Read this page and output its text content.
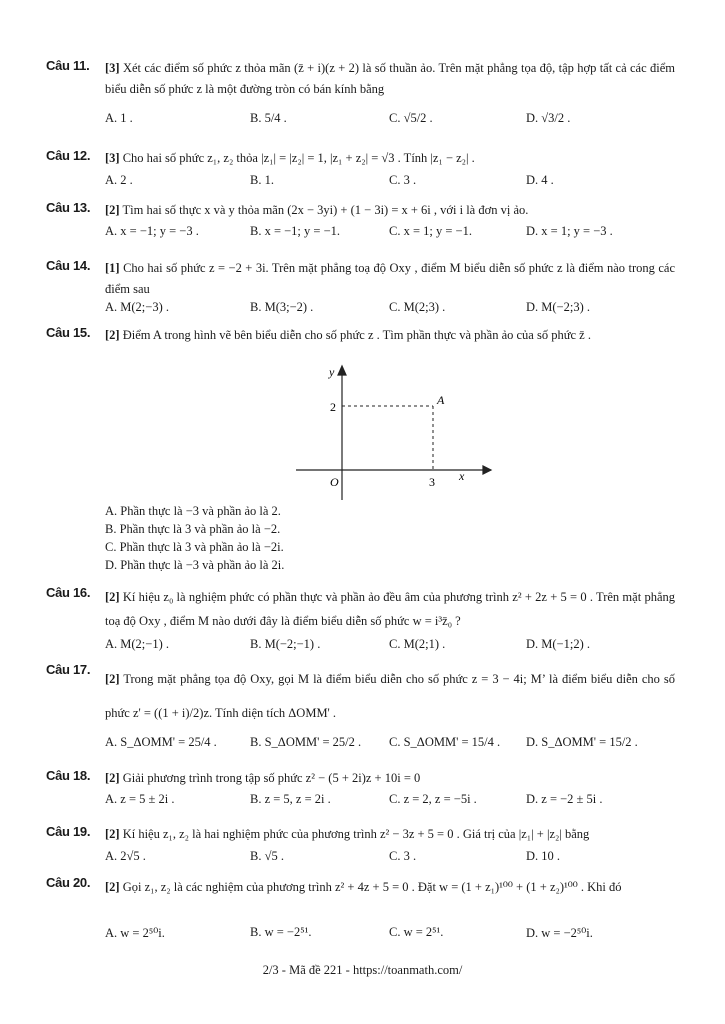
Câu 11. [3] Xét các điểm số phức z thỏa mãn (z̄ + i)(z + 2) là số thuần ảo. Trên mặt phẳng tọa độ, tập hợp tất cả các điểm biểu diễn số phức z là một đường tròn có bán kính bằng
A. 1 .	B. 5/4 .	C. √5/2 .	D. √3/2 .
Câu 12. [3] Cho hai số phức z₁, z₂ thỏa |z₁| = |z₂| = 1, |z₁ + z₂| = √3 . Tính |z₁ − z₂| .
A. 2 .	B. 1.	C. 3 .	D. 4 .
Câu 13. [2] Tìm hai số thực x và y thỏa mãn (2x − 3yi) + (1 − 3i) = x + 6i , với i là đơn vị ảo.
A. x = −1; y = −3 .	B. x = −1; y = −1.	C. x = 1; y = −1.	D. x = 1; y = −3 .
Câu 14. [1] Cho hai số phức z = −2 + 3i. Trên mặt phẳng toạ độ Oxy , điểm M biểu diễn số phức z là điểm nào trong các điểm sau
A. M(2;−3) .	B. M(3;−2) .	C. M(2;3) .	D. M(−2;3) .
Câu 15. [2] Điểm A trong hình vẽ bên biểu diễn cho số phức z . Tìm phần thực và phần ảo của số phức z̄ .
y
x
O
2
3
A
A. Phần thực là −3 và phần ảo là 2.
B. Phần thực là 3 và phần ảo là −2.
C. Phần thực là 3 và phần ảo là −2i.
D. Phần thực là −3 và phần ảo là 2i.
Câu 16. [2] Kí hiệu z₀ là nghiệm phức có phần thực và phần ảo đều âm của phương trình z² + 2z + 5 = 0 . Trên mặt phẳng toạ độ Oxy , điểm M nào dưới đây là điểm biểu diễn số phức w = i³z̄₀ ?
A. M(2;−1) .	B. M(−2;−1) .	C. M(2;1) .	D. M(−1;2) .
Câu 17.
[2] Trong mặt phẳng tọa độ Oxy, gọi M là điểm biểu diễn cho số phức z = 3 − 4i; M’ là điểm biểu diễn cho số phức z' = ((1 + i)/2)z. Tính diện tích ΔOMM' .
A. S_ΔOMM' = 25/4 .	B. S_ΔOMM' = 25/2 . C. S_ΔOMM' = 15/4 . D. S_ΔOMM' = 15/2 .
Câu 18. [2] Giải phương trình trong tập số phức z² − (5 + 2i)z + 10i = 0
A. z = 5 ± 2i .	B. z = 5, z = 2i .	C. z = 2, z = −5i .	D. z = −2 ± 5i .
Câu 19. [2] Kí hiệu z₁, z₂ là hai nghiệm phức của phương trình z² − 3z + 5 = 0 . Giá trị của |z₁| + |z₂| bằng
A. 2√5 .	B. √5 .	C. 3 .	D. 10 .
Câu 20. [2] Gọi z₁, z₂ là các nghiệm của phương trình z² + 4z + 5 = 0 . Đặt w = (1 + z₁)¹⁰⁰ + (1 + z₂)¹⁰⁰ . Khi đó
A. w = 2⁵⁰i.	B. w = −2⁵¹.	C. w = 2⁵¹.	D. w = −2⁵⁰i.
2/3 - Mã đề 221 - https://toanmath.com/
